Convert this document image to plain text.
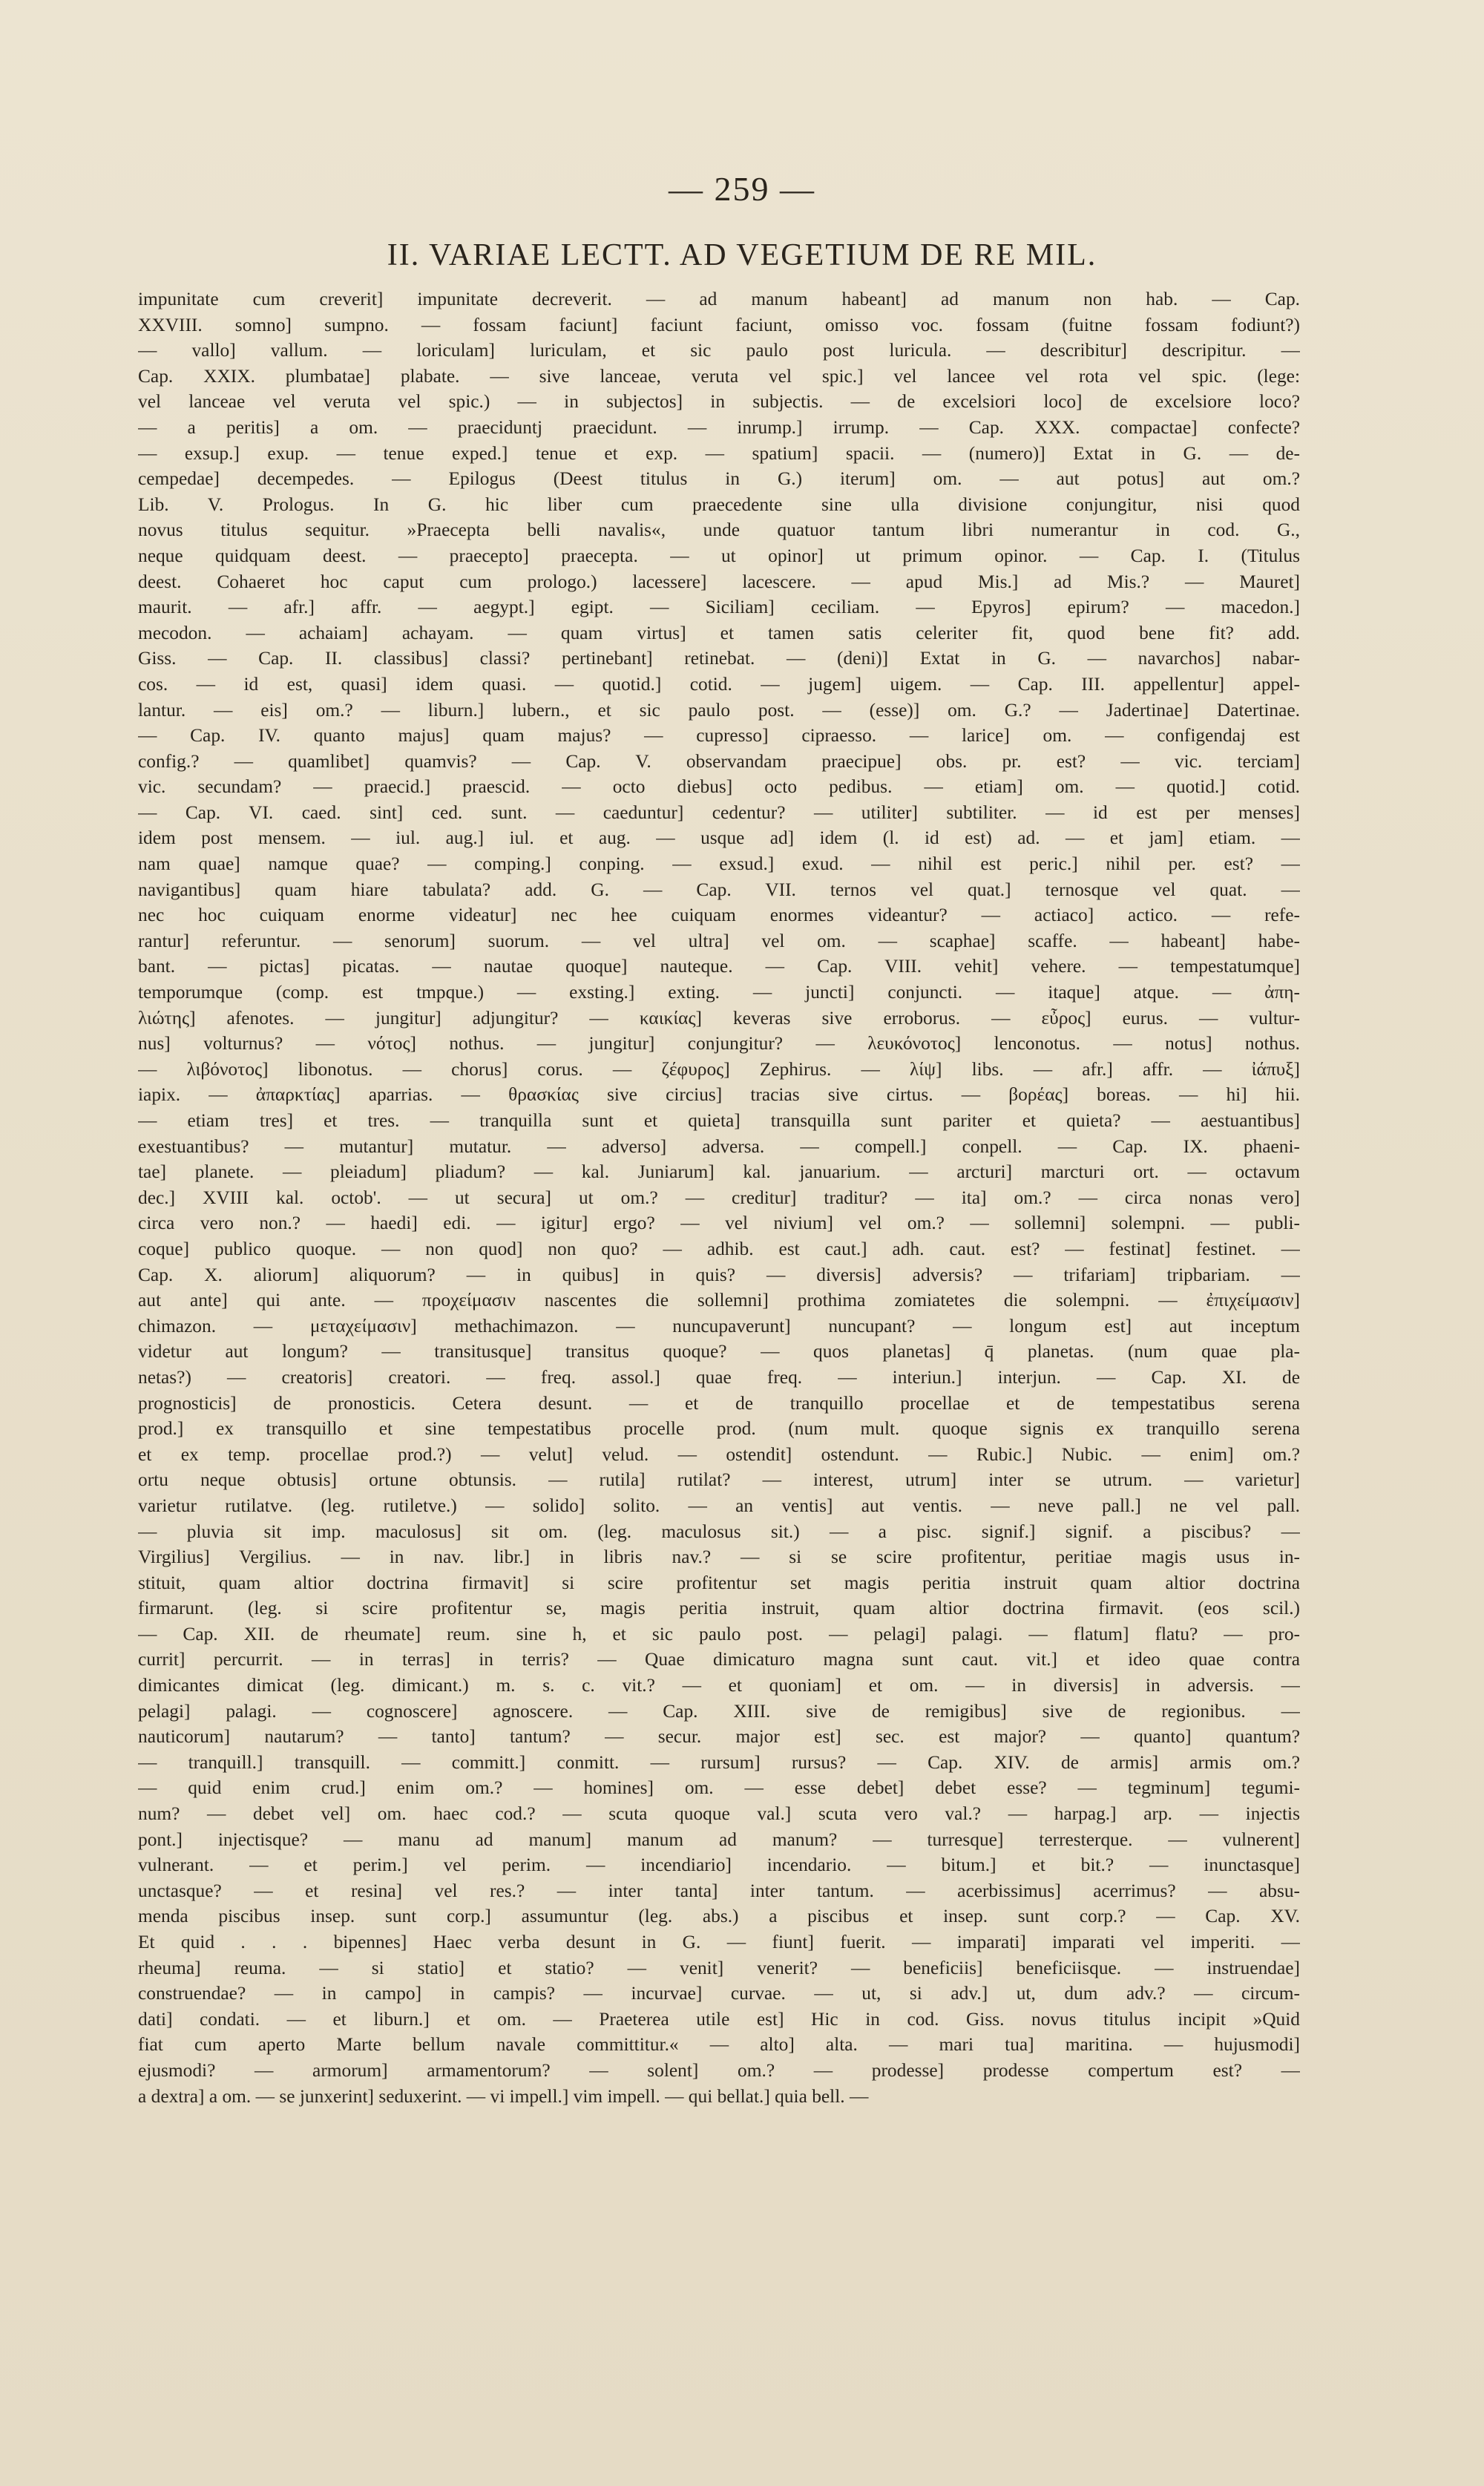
— 259 —
II. VARIAE LECTT. AD VEGETIUM DE RE MIL.
impunitate cum creverit] impunitate decreverit. — ad manum habeant] ad manum non hab. — Cap.
XXVIII. somno] sumpno. — fossam faciunt] faciunt faciunt, omisso voc. fossam (fuitne fossam fodiunt?)
— vallo] vallum. — loriculam] luriculam, et sic paulo post luricula. — describitur] descripitur. —
Cap. XXIX. plumbatae] plabate. — sive lanceae, veruta vel spic.] vel lancee vel rota vel spic. (lege:
vel lanceae vel veruta vel spic.) — in subjectos] in subjectis. — de excelsiori loco] de excelsiore loco?
— a peritis] a om. — praeciduntj praecidunt. — inrump.] irrump. — Cap. XXX. compactae] confecte?
— exsup.] exup. — tenue exped.] tenue et exp. — spatium] spacii. — (numero)] Extat in G. — de-
cempedae] decempedes. — Epilogus (Deest titulus in G.) iterum] om. — aut potus] aut om.?
Lib. V. Prologus. In G. hic liber cum praecedente sine ulla divisione conjungitur, nisi quod
novus titulus sequitur. »Praecepta belli navalis«, unde quatuor tantum libri numerantur in cod. G.,
neque quidquam deest. — praecepto] praecepta. — ut opinor] ut primum opinor. — Cap. I. (Titulus
deest. Cohaeret hoc caput cum prologo.) lacessere] lacescere. — apud Mis.] ad Mis.? — Mauret]
maurit. — afr.] affr. — aegypt.] egipt. — Siciliam] ceciliam. — Epyros] epirum? — macedon.]
mecodon. — achaiam] achayam. — quam virtus] et tamen satis celeriter fit, quod bene fit? add.
Giss. — Cap. II. classibus] classi? pertinebant] retinebat. — (deni)] Extat in G. — navarchos] nabar-
cos. — id est, quasi] idem quasi. — quotid.] cotid. — jugem] uigem. — Cap. III. appellentur] appel-
lantur. — eis] om.? — liburn.] lubern., et sic paulo post. — (esse)] om. G.? — Jadertinae] Datertinae.
— Cap. IV. quanto majus] quam majus? — cupresso] cipraesso. — larice] om. — configendaj est
config.? — quamlibet] quamvis? — Cap. V. observandam praecipue] obs. pr. est? — vic. terciam]
vic. secundam? — praecid.] praescid. — octo diebus] octo pedibus. — etiam] om. — quotid.] cotid.
— Cap. VI. caed. sint] ced. sunt. — caeduntur] cedentur? — utiliter] subtiliter. — id est per menses]
idem post mensem. — iul. aug.] iul. et aug. — usque ad] idem (l. id est) ad. — et jam] etiam. —
nam quae] namque quae? — comping.] conping. — exsud.] exud. — nihil est peric.] nihil per. est? —
navigantibus] quam hiare tabulata? add. G. — Cap. VII. ternos vel quat.] ternosque vel quat. —
nec hoc cuiquam enorme videatur] nec hee cuiquam enormes videantur? — actiaco] actico. — refe-
rantur] referuntur. — senorum] suorum. — vel ultra] vel om. — scaphae] scaffe. — habeant] habe-
bant. — pictas] picatas. — nautae quoque] nauteque. — Cap. VIII. vehit] vehere. — tempestatumque]
temporumque (comp. est tmpque.) — exsting.] exting. — juncti] conjuncti. — itaque] atque. — ἀπη-
λιώτης] afenotes. — jungitur] adjungitur? — καικίας] keveras sive erroborus. — εὖρος] eurus. — vultur-
nus] volturnus? — νότος] nothus. — jungitur] conjungitur? — λευκόνοτος] lenconotus. — notus] nothus.
— λιβόνοτος] libonotus. — chorus] corus. — ζέφυρος] Zephirus. — λίψ] libs. — afr.] affr. — ἰάπυξ]
iapix. — ἀπαρκτίας] aparrias. — θρασκίας sive circius] tracias sive cirtus. — βορέας] boreas. — hi] hii.
— etiam tres] et tres. — tranquilla sunt et quieta] transquilla sunt pariter et quieta? — aestuantibus]
exestuantibus? — mutantur] mutatur. — adverso] adversa. — compell.] conpell. — Cap. IX. phaeni-
tae] planete. — pleiadum] pliadum? — kal. Juniarum] kal. januarium. — arcturi] marcturi ort. — octavum
dec.] XVIII kal. octob'. — ut secura] ut om.? — creditur] traditur? — ita] om.? — circa nonas vero]
circa vero non.? — haedi] edi. — igitur] ergo? — vel nivium] vel om.? — sollemni] solempni. — publi-
coque] publico quoque. — non quod] non quo? — adhib. est caut.] adh. caut. est? — festinat] festinet. —
Cap. X. aliorum] aliquorum? — in quibus] in quis? — diversis] adversis? — trifariam] tripbariam. —
aut ante] qui ante. — προχείμασιν nascentes die sollemni] prothima zomiatetes die solempni. — ἐπιχείμασιν]
chimazon. — μεταχείμασιν] methachimazon. — nuncupaverunt] nuncupant? — longum est] aut inceptum
videtur aut longum? — transitusque] transitus quoque? — quos planetas] q̄ planetas. (num quae pla-
netas?) — creatoris] creatori. — freq. assol.] quae freq. — interiun.] interjun. — Cap. XI. de
prognosticis] de pronosticis. Cetera desunt. — et de tranquillo procellae et de tempestatibus serena
prod.] ex transquillo et sine tempestatibus procelle prod. (num mult. quoque signis ex tranquillo serena
et ex temp. procellae prod.?) — velut] velud. — ostendit] ostendunt. — Rubic.] Nubic. — enim] om.?
ortu neque obtusis] ortune obtunsis. — rutila] rutilat? — interest, utrum] inter se utrum. — varietur]
varietur rutilatve. (leg. rutiletve.) — solido] solito. — an ventis] aut ventis. — neve pall.] ne vel pall.
— pluvia sit imp. maculosus] sit om. (leg. maculosus sit.) — a pisc. signif.] signif. a piscibus? —
Virgilius] Vergilius. — in nav. libr.] in libris nav.? — si se scire profitentur, peritiae magis usus in-
stituit, quam altior doctrina firmavit] si scire profitentur set magis peritia instruit quam altior doctrina
firmarunt. (leg. si scire profitentur se, magis peritia instruit, quam altior doctrina firmavit. (eos scil.)
— Cap. XII. de rheumate] reum. sine h, et sic paulo post. — pelagi] palagi. — flatum] flatu? — pro-
currit] percurrit. — in terras] in terris? — Quae dimicaturo magna sunt caut. vit.] et ideo quae contra
dimicantes dimicat (leg. dimicant.) m. s. c. vit.? — et quoniam] et om. — in diversis] in adversis. —
pelagi] palagi. — cognoscere] agnoscere. — Cap. XIII. sive de remigibus] sive de regionibus. —
nauticorum] nautarum? — tanto] tantum? — secur. major est] sec. est major? — quanto] quantum?
— tranquill.] transquill. — committ.] conmitt. — rursum] rursus? — Cap. XIV. de armis] armis om.?
— quid enim crud.] enim om.? — homines] om. — esse debet] debet esse? — tegminum] tegumi-
num? — debet vel] om. haec cod.? — scuta quoque val.] scuta vero val.? — harpag.] arp. — injectis
pont.] injectisque? — manu ad manum] manum ad manum? — turresque] terresterque. — vulnerent]
vulnerant. — et perim.] vel perim. — incendiario] incendario. — bitum.] et bit.? — inunctasque]
unctasque? — et resina] vel res.? — inter tanta] inter tantum. — acerbissimus] acerrimus? — absu-
menda piscibus insep. sunt corp.] assumuntur (leg. abs.) a piscibus et insep. sunt corp.? — Cap. XV.
Et quid . . . bipennes] Haec verba desunt in G. — fiunt] fuerit. — imparati] imparati vel imperiti. —
rheuma] reuma. — si statio] et statio? — venit] venerit? — beneficiis] beneficiisque. — instruendae]
construendae? — in campo] in campis? — incurvae] curvae. — ut, si adv.] ut, dum adv.? — circum-
dati] condati. — et liburn.] et om. — Praeterea utile est] Hic in cod. Giss. novus titulus incipit »Quid
fiat cum aperto Marte bellum navale committitur.« — alto] alta. — mari tua] maritina. — hujusmodi]
ejusmodi? — armorum] armamentorum? — solent] om.? — prodesse] prodesse compertum est? —
a dextra] a om. — se junxerint] seduxerint. — vi impell.] vim impell. — qui bellat.] quia bell. —
